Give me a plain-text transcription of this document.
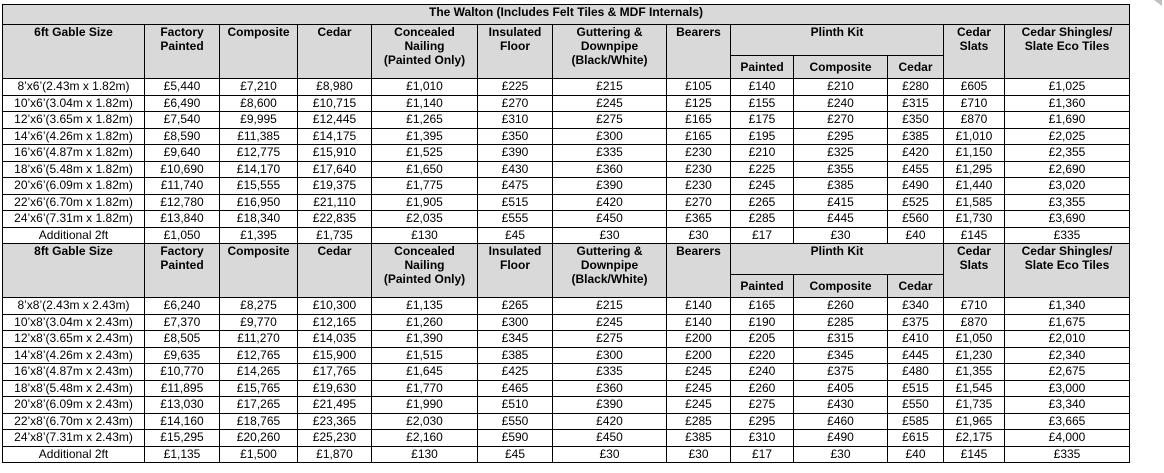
The Walton (Includes Felt Tiles & MDF Internals)												
6ft Gable Size	Factory Painted	Composite	Cedar	Concealed
Nailing
(Painted Only)	Insulated Floor	Guttering &
Downpipe
(Black/White)	Bearers	Plinth Kit			Cedar Slats	Cedar Shingles/
Slate Eco Tiles
								Painted	Composite	Cedar		
8’x6’(2.43m x 1.82m)	£5,440	£7,210	£8,980	£1,010	£225	£215	£105	£140	£210	£280	£605	£1,025
10’x6’(3.04m x 1.82m)	£6,490	£8,600	£10,715	£1,140	£270	£245	£125	£155	£240	£315	£710	£1,360
12’x6’(3.65m x 1.82m)	£7,540	£9,995	£12,445	£1,265	£310	£275	£165	£175	£270	£350	£870	£1,690
14’x6’(4.26m x 1.82m)	£8,590	£11,385	£14,175	£1,395	£350	£300	£165	£195	£295	£385	£1,010	£2,025
16’x6’(4.87m x 1.82m)	£9,640	£12,775	£15,910	£1,525	£390	£335	£230	£210	£325	£420	£1,150	£2,355
18’x6’(5.48m x 1.82m)	£10,690	£14,170	£17,640	£1,650	£430	£360	£230	£225	£355	£455	£1,295	£2,690
20’x6’(6.09m x 1.82m)	£11,740	£15,555	£19,375	£1,775	£475	£390	£230	£245	£385	£490	£1,440	£3,020
22’x6’(6.70m x 1.82m)	£12,780	£16,950	£21,110	£1,905	£515	£420	£270	£265	£415	£525	£1,585	£3,355
24’x6’(7.31m x 1.82m)	£13,840	£18,340	£22,835	£2,035	£555	£450	£365	£285	£445	£560	£1,730	£3,690
Additional 2ft	£1,050	£1,395	£1,735	£130	£45	£30	£30	£17	£30	£40	£145	£335
8ft Gable Size	Factory Painted	Composite	Cedar	Concealed
Nailing
(Painted Only)	Insulated Floor	Guttering &
Downpipe
(Black/White)	Bearers	Plinth Kit			Cedar Slats	Cedar Shingles/
Slate Eco Tiles
								Painted	Composite	Cedar		
8’x8’(2.43m x 2.43m)	£6,240	£8,275	£10,300	£1,135	£265	£215	£140	£165	£260	£340	£710	£1,340
10’x8’(3.04m x 2.43m)	£7,370	£9,770	£12,165	£1,260	£300	£245	£140	£190	£285	£375	£870	£1,675
12’x8’(3.65m x 2.43m)	£8,505	£11,270	£14,035	£1,390	£345	£275	£200	£205	£315	£410	£1,050	£2,010
14’x8’(4.26m x 2.43m)	£9,635	£12,765	£15,900	£1,515	£385	£300	£200	£220	£345	£445	£1,230	£2,340
16’x8’(4.87m x 2.43m)	£10,770	£14,265	£17,765	£1,645	£425	£335	£245	£240	£375	£480	£1,355	£2,675
18’x8’(5.48m x 2.43m)	£11,895	£15,765	£19,630	£1,770	£465	£360	£245	£260	£405	£515	£1,545	£3,000
20’x8’(6.09m x 2.43m)	£13,030	£17,265	£21,495	£1,990	£510	£390	£245	£275	£430	£550	£1,735	£3,340
22’x8’(6.70m x 2.43m)	£14,160	£18,765	£23,365	£2,030	£550	£420	£285	£295	£460	£585	£1,965	£3,665
24’x8’(7.31m x 2.43m)	£15,295	£20,260	£25,230	£2,160	£590	£450	£385	£310	£490	£615	£2,175	£4,000
Additional 2ft	£1,135	£1,500	£1,870	£130	£45	£30	£30	£17	£30	£40	£145	£335
